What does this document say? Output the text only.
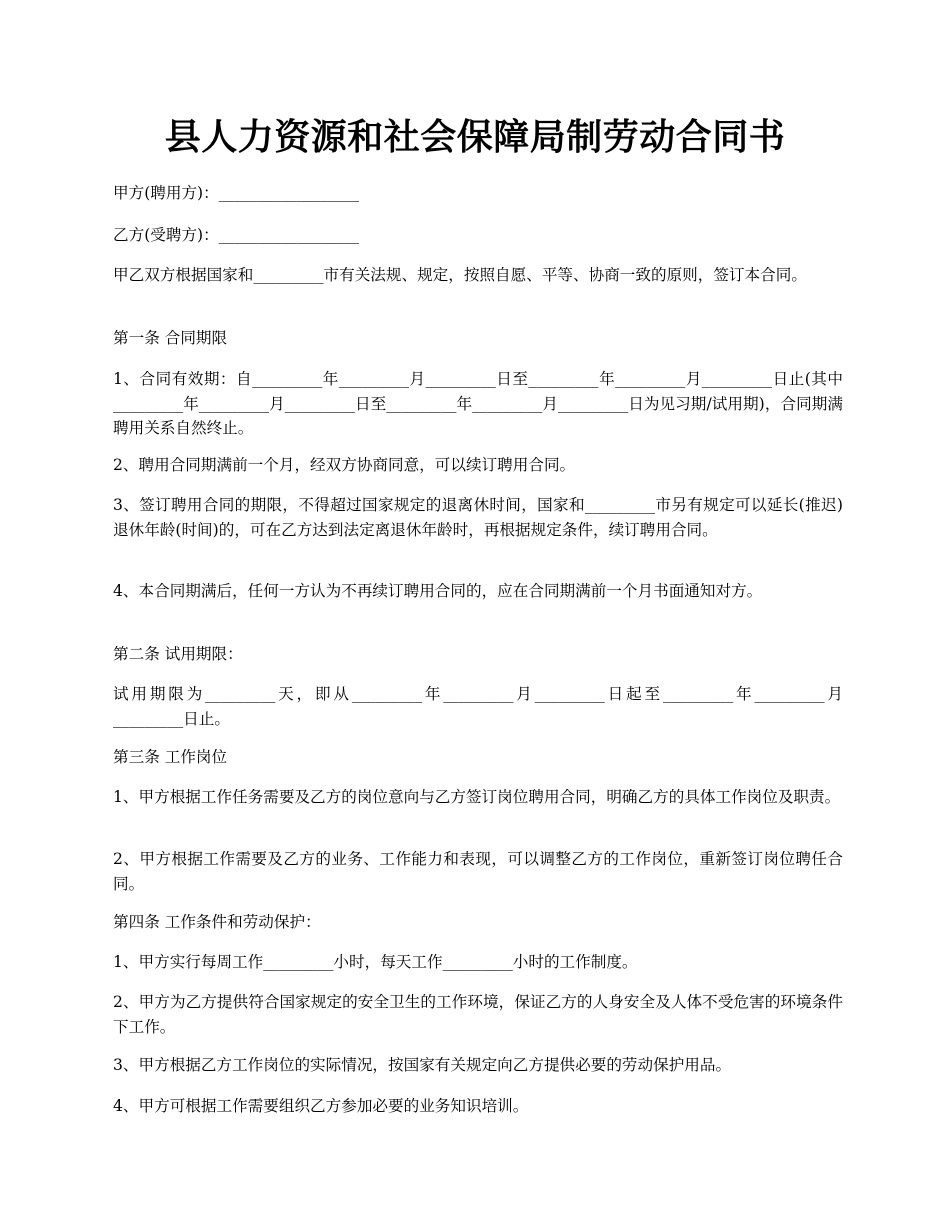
县人力资源和社会保障局制劳动合同书

甲方(聘用方)：__________________

乙方(受聘方)：__________________

甲乙双方根据国家和_________市有关法规、规定，按照自愿、平等、协商一致的原则，签订本合同。

第一条 合同期限

1、合同有效期：自_________年_________月_________日至_________年_________月_________日止(其中_________年_________月_________日至_________年_________月_________日为见习期/试用期)，合同期满聘用关系自然终止。

2、聘用合同期满前一个月，经双方协商同意，可以续订聘用合同。

3、签订聘用合同的期限，不得超过国家规定的退离休时间，国家和_________市另有规定可以延长(推迟)退休年龄(时间)的，可在乙方达到法定离退休年龄时，再根据规定条件，续订聘用合同。

4、本合同期满后，任何一方认为不再续订聘用合同的，应在合同期满前一个月书面通知对方。

第二条 试用期限：

试用期限为_________天，即从_________年_________月_________日起至_________年_________月_________日止。

第三条 工作岗位

1、甲方根据工作任务需要及乙方的岗位意向与乙方签订岗位聘用合同，明确乙方的具体工作岗位及职责。

2、甲方根据工作需要及乙方的业务、工作能力和表现，可以调整乙方的工作岗位，重新签订岗位聘任合同。

第四条 工作条件和劳动保护：

1、甲方实行每周工作_________小时，每天工作_________小时的工作制度。

2、甲方为乙方提供符合国家规定的安全卫生的工作环境，保证乙方的人身安全及人体不受危害的环境条件下工作。

3、甲方根据乙方工作岗位的实际情况，按国家有关规定向乙方提供必要的劳动保护用品。

4、甲方可根据工作需要组织乙方参加必要的业务知识培训。
